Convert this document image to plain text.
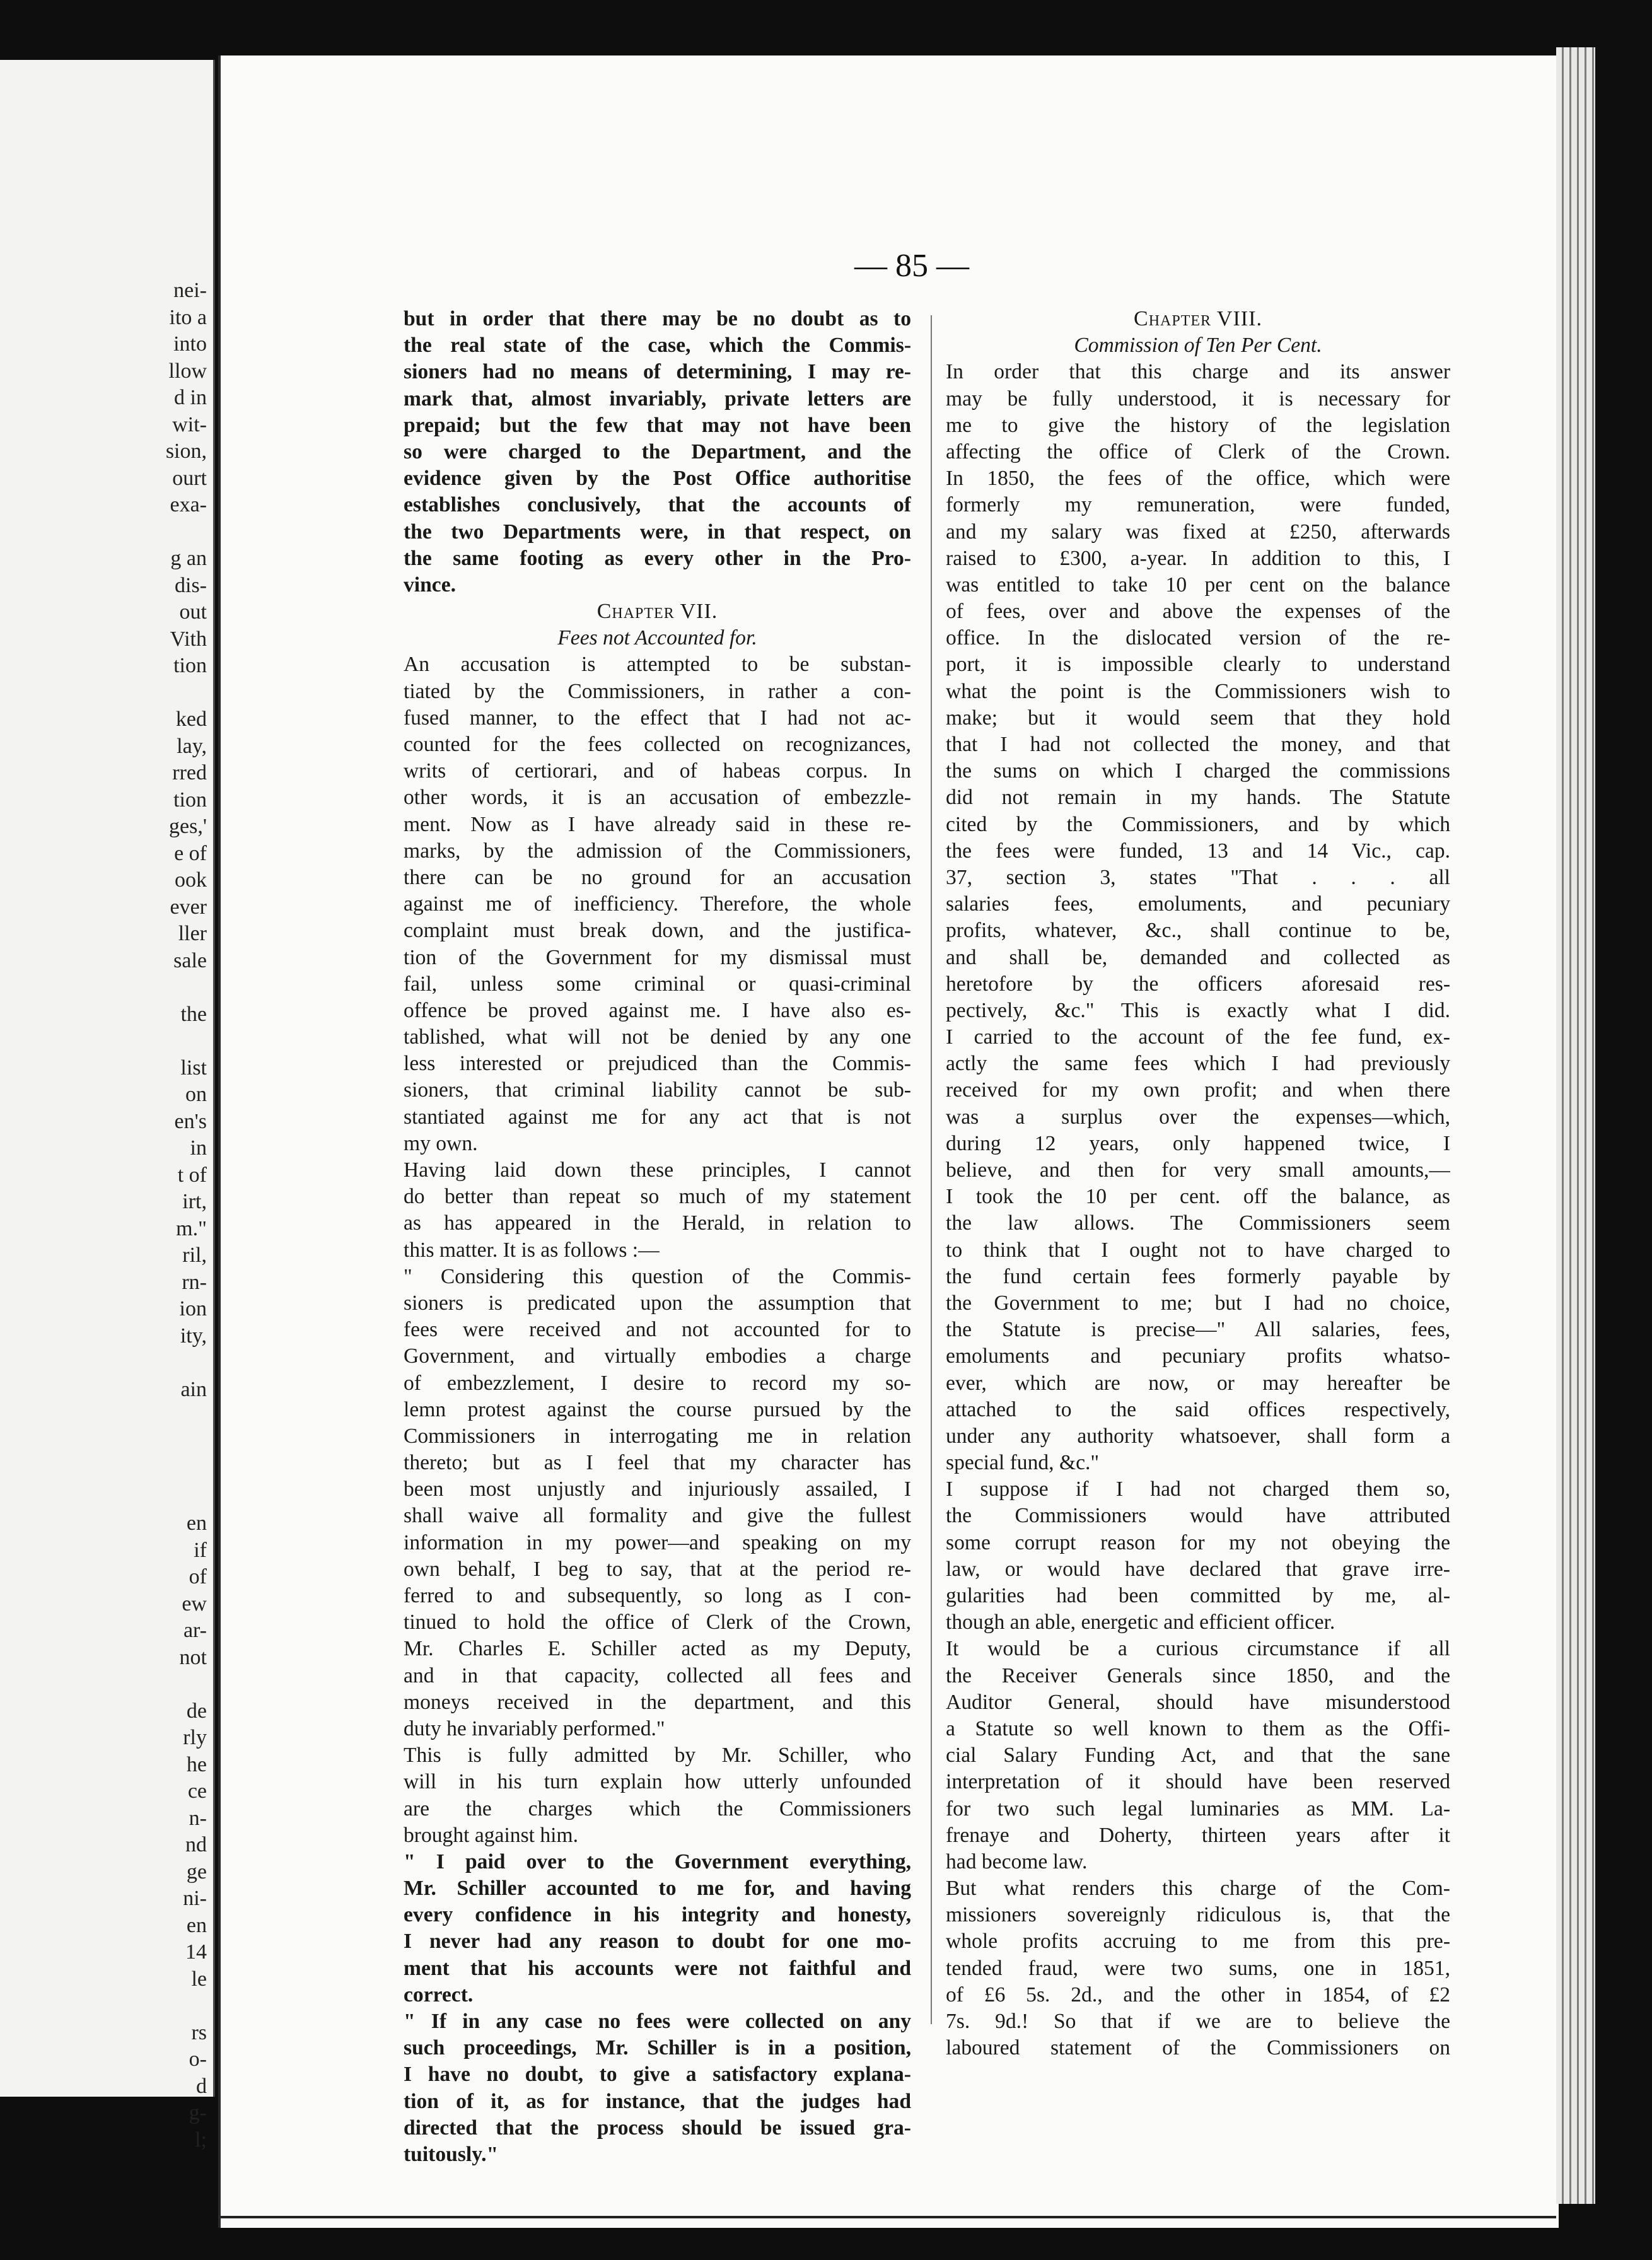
nei-
ito a
into
llow
d in
wit-
sion,
ourt
exa-
g an
dis-
out
Vith
tion
ked
lay,
rred
tion
ges,'
e of
ook
ever
ller
sale
the
list
on
en's
in
t of
irt,
m."
ril,
rn-
ion
ity,
ain
en
if
of
ew
ar-
not
de
rly
he
ce
n-
nd
ge
ni-
en
14
le
rs
o-
d
g-
l;
— 85 —
but in order that there may be no doubt as to
the real state of the case, which the Commis-
sioners had no means of determining, I may re-
mark that, almost invariably, private letters are
prepaid; but the few that may not have been
so were charged to the Department, and the
evidence given by the Post Office authoritise
establishes conclusively, that the accounts of
the two Departments were, in that respect, on
the same footing as every other in the Pro-
vince.
Chapter VII.
Fees not Accounted for.
An accusation is attempted to be substan-
tiated by the Commissioners, in rather a con-
fused manner, to the effect that I had not ac-
counted for the fees collected on recognizances,
writs of certiorari, and of habeas corpus. In
other words, it is an accusation of embezzle-
ment. Now as I have already said in these re-
marks, by the admission of the Commissioners,
there can be no ground for an accusation
against me of inefficiency. Therefore, the whole
complaint must break down, and the justifica-
tion of the Government for my dismissal must
fail, unless some criminal or quasi-criminal
offence be proved against me. I have also es-
tablished, what will not be denied by any one
less interested or prejudiced than the Commis-
sioners, that criminal liability cannot be sub-
stantiated against me for any act that is not
my own.
Having laid down these principles, I cannot
do better than repeat so much of my statement
as has appeared in the Herald, in relation to
this matter. It is as follows :—
" Considering this question of the Commis-
sioners is predicated upon the assumption that
fees were received and not accounted for to
Government, and virtually embodies a charge
of embezzlement, I desire to record my so-
lemn protest against the course pursued by the
Commissioners in interrogating me in relation
thereto; but as I feel that my character has
been most unjustly and injuriously assailed, I
shall waive all formality and give the fullest
information in my power—and speaking on my
own behalf, I beg to say, that at the period re-
ferred to and subsequently, so long as I con-
tinued to hold the office of Clerk of the Crown,
Mr. Charles E. Schiller acted as my Deputy,
and in that capacity, collected all fees and
moneys received in the department, and this
duty he invariably performed."
This is fully admitted by Mr. Schiller, who
will in his turn explain how utterly unfounded
are the charges which the Commissioners
brought against him.
" I paid over to the Government everything,
Mr. Schiller accounted to me for, and having
every confidence in his integrity and honesty,
I never had any reason to doubt for one mo-
ment that his accounts were not faithful and
correct.
" If in any case no fees were collected on any
such proceedings, Mr. Schiller is in a position,
I have no doubt, to give a satisfactory explana-
tion of it, as for instance, that the judges had
directed that the process should be issued gra-
tuitously."
Chapter VIII.
Commission of Ten Per Cent.
In order that this charge and its answer
may be fully understood, it is necessary for
me to give the history of the legislation
affecting the office of Clerk of the Crown.
In 1850, the fees of the office, which were
formerly my remuneration, were funded,
and my salary was fixed at £250, afterwards
raised to £300, a-year. In addition to this, I
was entitled to take 10 per cent on the balance
of fees, over and above the expenses of the
office. In the dislocated version of the re-
port, it is impossible clearly to understand
what the point is the Commissioners wish to
make; but it would seem that they hold
that I had not collected the money, and that
the sums on which I charged the commissions
did not remain in my hands. The Statute
cited by the Commissioners, and by which
the fees were funded, 13 and 14 Vic., cap.
37, section 3, states "That . . . all
salaries fees, emoluments, and pecuniary
profits, whatever, &c., shall continue to be,
and shall be, demanded and collected as
heretofore by the officers aforesaid res-
pectively, &c." This is exactly what I did.
I carried to the account of the fee fund, ex-
actly the same fees which I had previously
received for my own profit; and when there
was a surplus over the expenses—which,
during 12 years, only happened twice, I
believe, and then for very small amounts,—
I took the 10 per cent. off the balance, as
the law allows. The Commissioners seem
to think that I ought not to have charged to
the fund certain fees formerly payable by
the Government to me; but I had no choice,
the Statute is precise—" All salaries, fees,
emoluments and pecuniary profits whatso-
ever, which are now, or may hereafter be
attached to the said offices respectively,
under any authority whatsoever, shall form a
special fund, &c."
I suppose if I had not charged them so,
the Commissioners would have attributed
some corrupt reason for my not obeying the
law, or would have declared that grave irre-
gularities had been committed by me, al-
though an able, energetic and efficient officer.
It would be a curious circumstance if all
the Receiver Generals since 1850, and the
Auditor General, should have misunderstood
a Statute so well known to them as the Offi-
cial Salary Funding Act, and that the sane
interpretation of it should have been reserved
for two such legal luminaries as MM. La-
frenaye and Doherty, thirteen years after it
had become law.
But what renders this charge of the Com-
missioners sovereignly ridiculous is, that the
whole profits accruing to me from this pre-
tended fraud, were two sums, one in 1851,
of £6 5s. 2d., and the other in 1854, of £2
7s. 9d.! So that if we are to believe the
laboured statement of the Commissioners on
